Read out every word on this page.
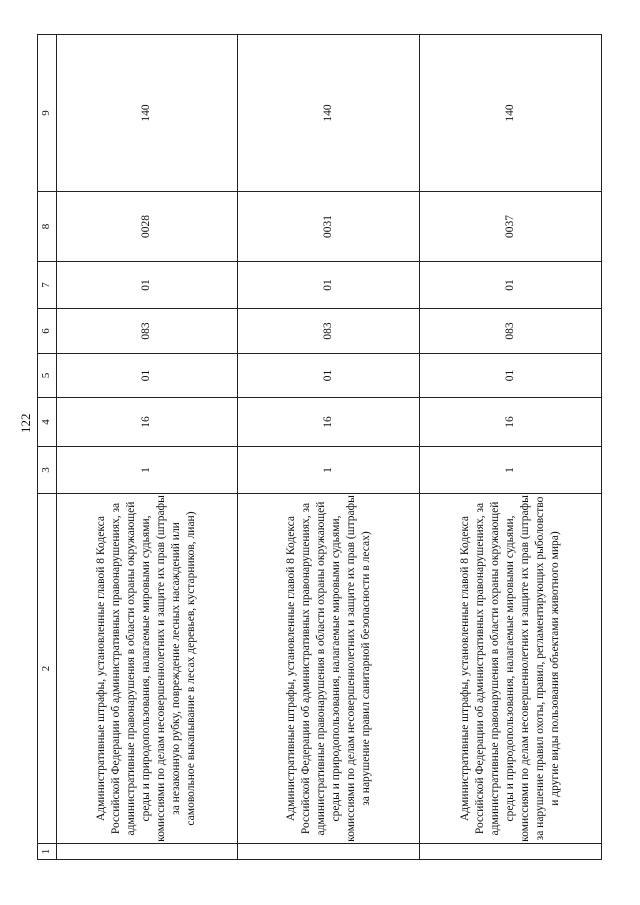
122
1	2	3	4	5	6	7	8	9
	Административные штрафы, установленные главой 8 Кодекса Российской Федерации об административных правонарушениях, за административные правонарушения в области охраны окружающей среды и природопользования, налагаемые мировыми судьями, комиссиями по делам несовершеннолетних и защите их прав (штрафы за незаконную рубку, повреждение лесных насаждений или самовольное выкапывание в лесах деревьев, кустарников, лиан)	1	16	01	083	01	0028	140
	Административные штрафы, установленные главой 8 Кодекса Российской Федерации об административных правонарушениях, за административные правонарушения в области охраны окружающей среды и природопользования, налагаемые мировыми судьями, комиссиями по делам несовершеннолетних и защите их прав (штрафы за нарушение правил санитарной безопасности в лесах)	1	16	01	083	01	0031	140
	Административные штрафы, установленные главой 8 Кодекса Российской Федерации об административных правонарушениях, за административные правонарушения в области охраны окружающей среды и природопользования, налагаемые мировыми судьями, комиссиями по делам несовершеннолетних и защите их прав (штрафы за нарушение правил охоты, правил, регламентирующих рыболовство и другие виды пользования объектами животного мира)	1	16	01	083	01	0037	140
